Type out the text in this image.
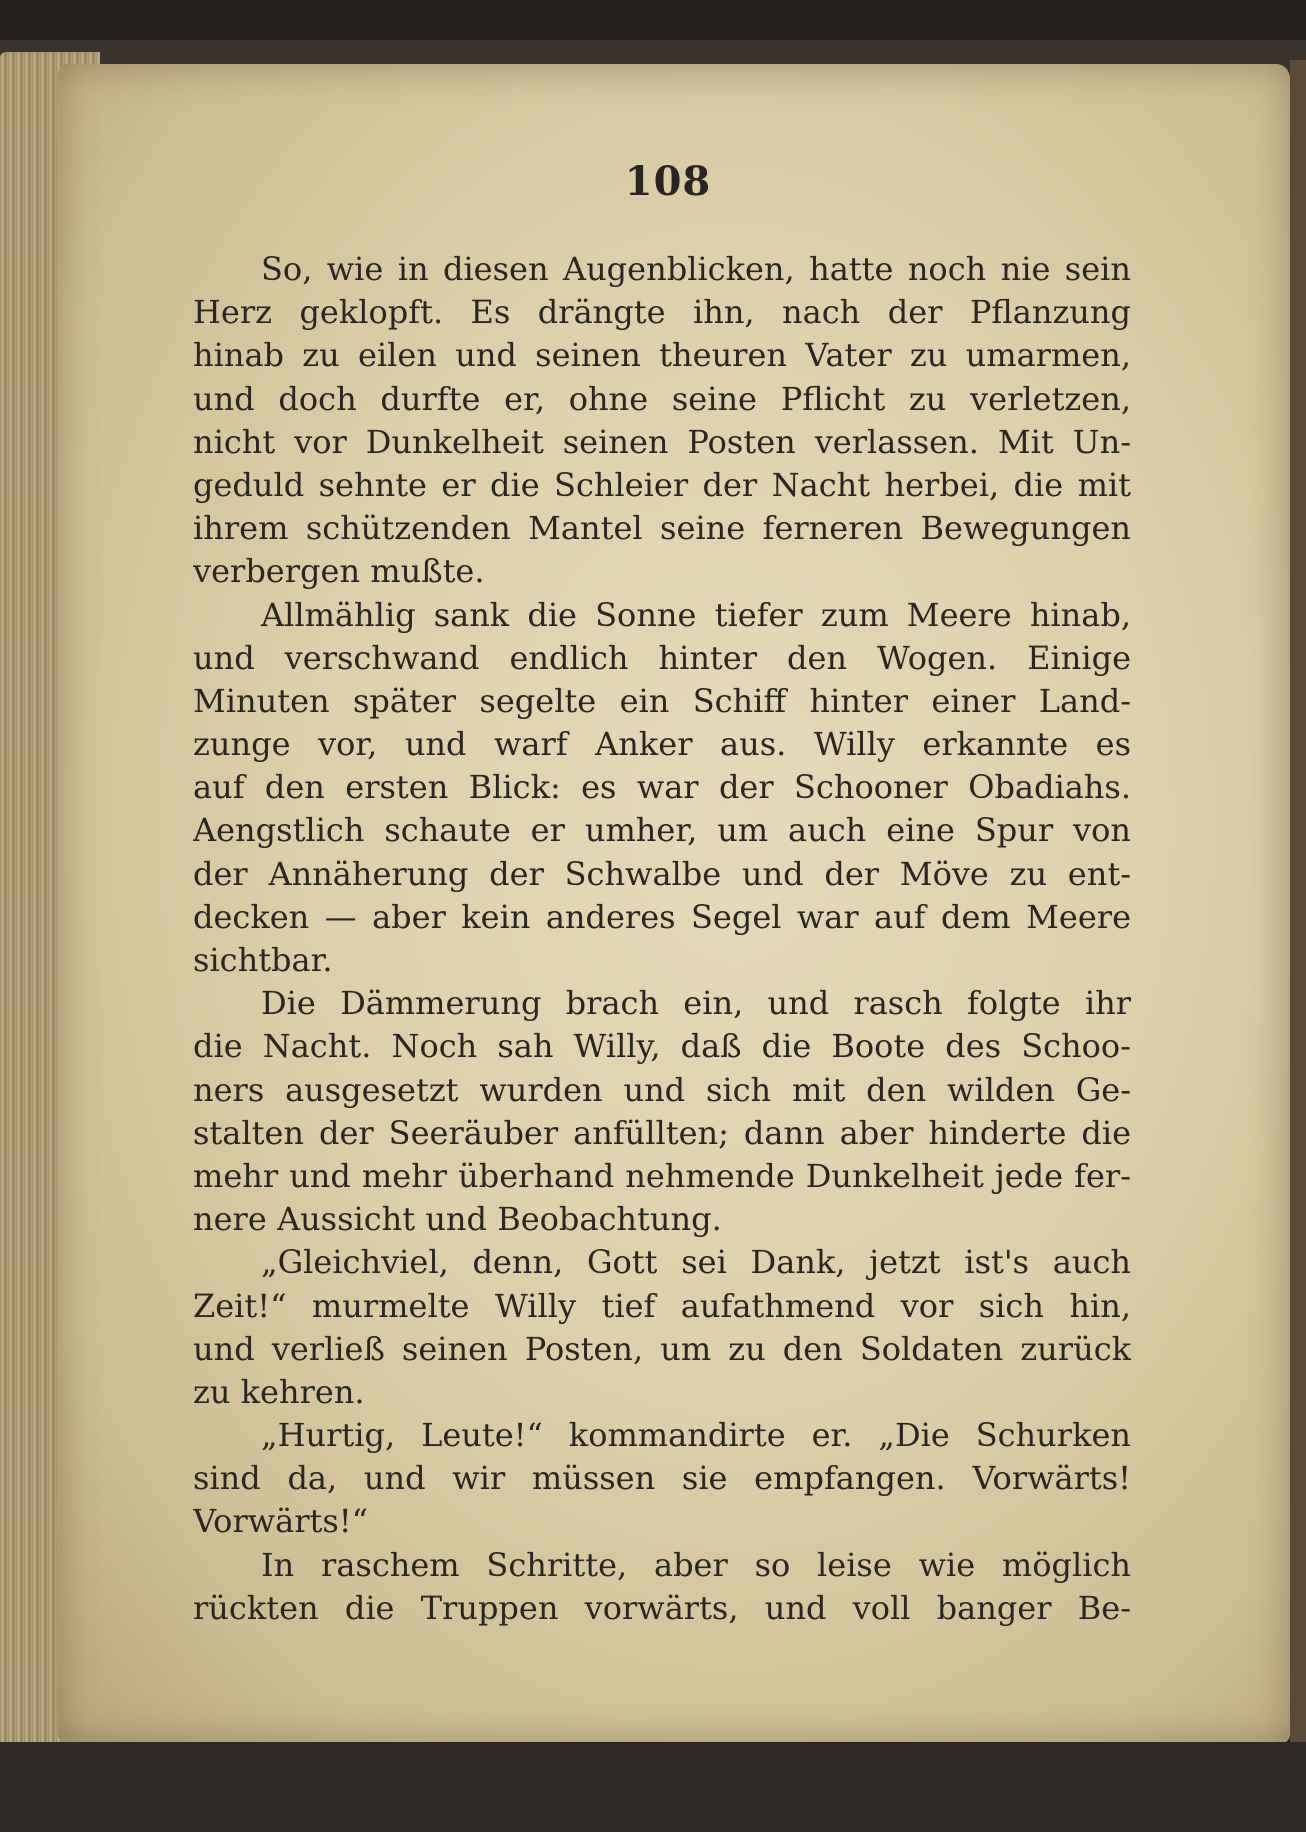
108
So, wie in diesen Augenblicken, hatte noch nie sein
Herz geklopft. Es drängte ihn, nach der Pflanzung
hinab zu eilen und seinen theuren Vater zu umarmen,
und doch durfte er, ohne seine Pflicht zu verletzen,
nicht vor Dunkelheit seinen Posten verlassen. Mit Un-
geduld sehnte er die Schleier der Nacht herbei, die mit
ihrem schützenden Mantel seine ferneren Bewegungen
verbergen mußte.
Allmählig sank die Sonne tiefer zum Meere hinab,
und verschwand endlich hinter den Wogen. Einige
Minuten später segelte ein Schiff hinter einer Land-
zunge vor, und warf Anker aus. Willy erkannte es
auf den ersten Blick: es war der Schooner Obadiahs.
Aengstlich schaute er umher, um auch eine Spur von
der Annäherung der Schwalbe und der Möve zu ent-
decken — aber kein anderes Segel war auf dem Meere
sichtbar.
Die Dämmerung brach ein, und rasch folgte ihr
die Nacht. Noch sah Willy, daß die Boote des Schoo-
ners ausgesetzt wurden und sich mit den wilden Ge-
stalten der Seeräuber anfüllten; dann aber hinderte die
mehr und mehr überhand nehmende Dunkelheit jede fer-
nere Aussicht und Beobachtung.
„Gleichviel, denn, Gott sei Dank, jetzt ist's auch
Zeit!“ murmelte Willy tief aufathmend vor sich hin,
und verließ seinen Posten, um zu den Soldaten zurück
zu kehren.
„Hurtig, Leute!“ kommandirte er. „Die Schurken
sind da, und wir müssen sie empfangen. Vorwärts!
Vorwärts!“
In raschem Schritte, aber so leise wie möglich
rückten die Truppen vorwärts, und voll banger Be-
